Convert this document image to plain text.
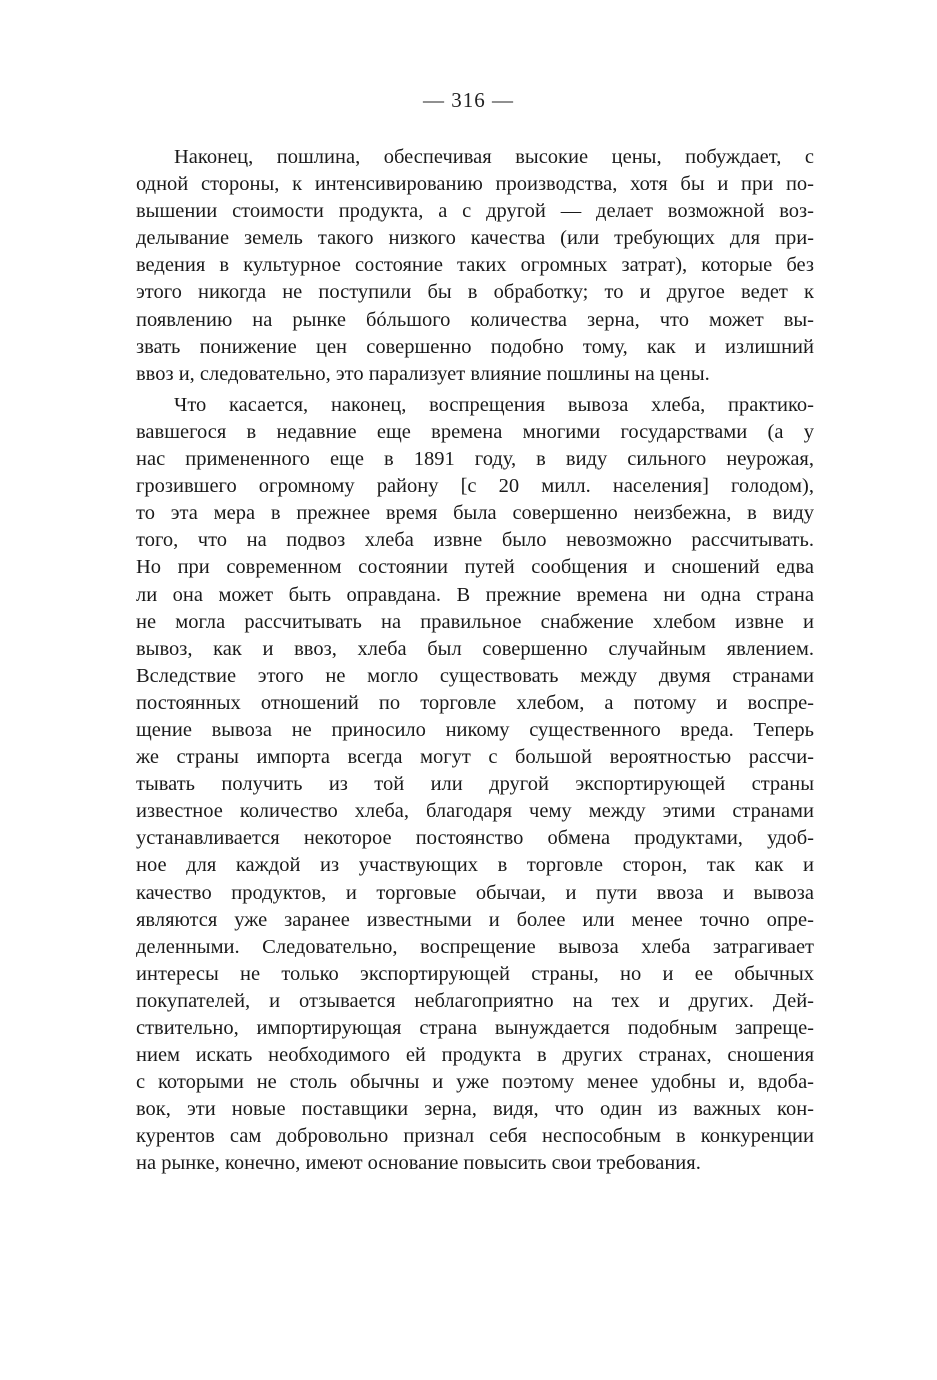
— 316 —
Наконец, пошлина, обеспечивая высокие цены, побуждает, с
одной стороны, к интенсивированию производства, хотя бы и при по-
вышении стоимости продукта, а с другой — делает возможной воз-
делывание земель такого низкого качества (или требующих для при-
ведения в культурное состояние таких огромных затрат), которые без
этого никогда не поступили бы в обработку; то и другое ведет к
появлению на рынке бóльшого количества зерна, что может вы-
звать понижение цен совершенно подобно тому, как и излишний
ввоз и, следовательно, это парализует влияние пошлины на цены.
Что касается, наконец, воспрещения вывоза хлеба, практико-
вавшегося в недавние еще времена многими государствами (а у
нас примененного еще в 1891 году, в виду сильного неурожая,
грозившего огромному району [с 20 милл. населения] голодом),
то эта мера в прежнее время была совершенно неизбежна, в виду
того, что на подвоз хлеба извне было невозможно рассчитывать.
Но при современном состоянии путей сообщения и сношений едва
ли она может быть оправдана. В прежние времена ни одна страна
не могла рассчитывать на правильное снабжение хлебом извне и
вывоз, как и ввоз, хлеба был совершенно случайным явлением.
Вследствие этого не могло существовать между двумя странами
постоянных отношений по торговле хлебом, а потому и воспре-
щение вывоза не приносило никому существенного вреда. Теперь
же страны импорта всегда могут с большой вероятностью рассчи-
тывать получить из той или другой экспортирующей страны
известное количество хлеба, благодаря чему между этими странами
устанавливается некоторое постоянство обмена продуктами, удоб-
ное для каждой из участвующих в торговле сторон, так как и
качество продуктов, и торговые обычаи, и пути ввоза и вывоза
являются уже заранее известными и более или менее точно опре-
деленными. Следовательно, воспрещение вывоза хлеба затрагивает
интересы не только экспортирующей страны, но и ее обычных
покупателей, и отзывается неблагоприятно на тех и других. Дей-
ствительно, импортирующая страна вынуждается подобным запреще-
нием искать необходимого ей продукта в других странах, сношения
с которыми не столь обычны и уже поэтому менее удобны и, вдоба-
вок, эти новые поставщики зерна, видя, что один из важных кон-
курентов сам добровольно признал себя неспособным в конкуренции
на рынке, конечно, имеют основание повысить свои требования.
